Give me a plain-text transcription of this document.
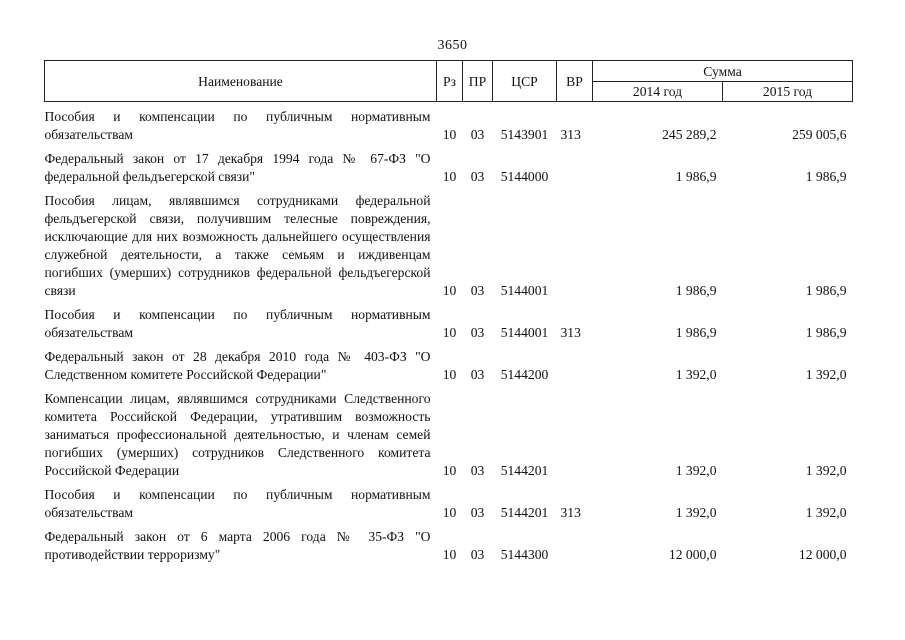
3650
Наименование	Рз	ПР	ЦСР	ВР	Сумма	
					2014 год	2015 год
Пособия и компенсации по публичным нормативным обязательствам	10	03	5143901	313	245 289,2	259 005,6
Федеральный закон от 17 декабря 1994 года № 67-ФЗ "О федеральной фельдъегерской связи"	10	03	5144000		1 986,9	1 986,9
Пособия лицам, являвшимся сотрудниками федеральной фельдъегерской связи, получившим телесные повреждения, исключающие для них возможность дальнейшего осуществления служебной деятельности, а также семьям и иждивенцам погибших (умерших) сотрудников федеральной фельдъегерской связи	10	03	5144001		1 986,9	1 986,9
Пособия и компенсации по публичным нормативным обязательствам	10	03	5144001	313	1 986,9	1 986,9
Федеральный закон от 28 декабря 2010 года № 403-ФЗ "О Следственном комитете Российской Федерации"	10	03	5144200		1 392,0	1 392,0
Компенсации лицам, являвшимся сотрудниками Следственного комитета Российской Федерации, утратившим возможность заниматься профессиональной деятельностью, и членам семей погибших (умерших) сотрудников Следственного комитета Российской Федерации	10	03	5144201		1 392,0	1 392,0
Пособия и компенсации по публичным нормативным обязательствам	10	03	5144201	313	1 392,0	1 392,0
Федеральный закон от 6 марта 2006 года № 35-ФЗ "О противодействии терроризму"	10	03	5144300		12 000,0	12 000,0
